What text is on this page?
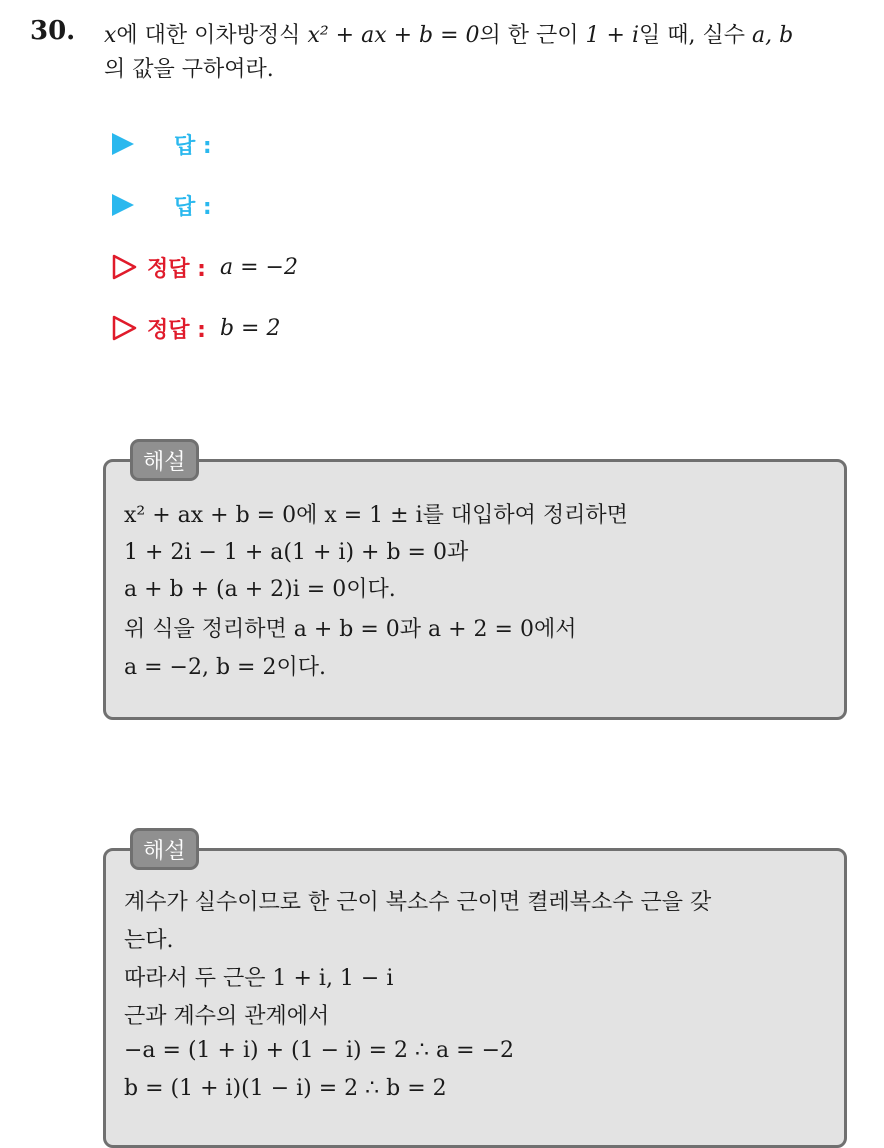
30. x에 대한 이차방정식 x² + ax + b = 0의 한 근이 1 + i일 때, 실수 a, b
의 값을 구하여라.
답 :
답 :
정답 : a = −2
정답 : b = 2
해설
x² + ax + b = 0에 x = 1 ± i를 대입하여 정리하면
1 + 2i − 1 + a(1 + i) + b = 0과
a + b + (a + 2)i = 0이다.
위 식을 정리하면 a + b = 0과 a + 2 = 0에서
a = −2, b = 2이다.
해설
계수가 실수이므로 한 근이 복소수 근이면 켤레복소수 근을 갖
는다.
따라서 두 근은 1 + i, 1 − i
근과 계수의 관계에서
−a = (1 + i) + (1 − i) = 2 ∴ a = −2
b = (1 + i)(1 − i) = 2 ∴ b = 2
